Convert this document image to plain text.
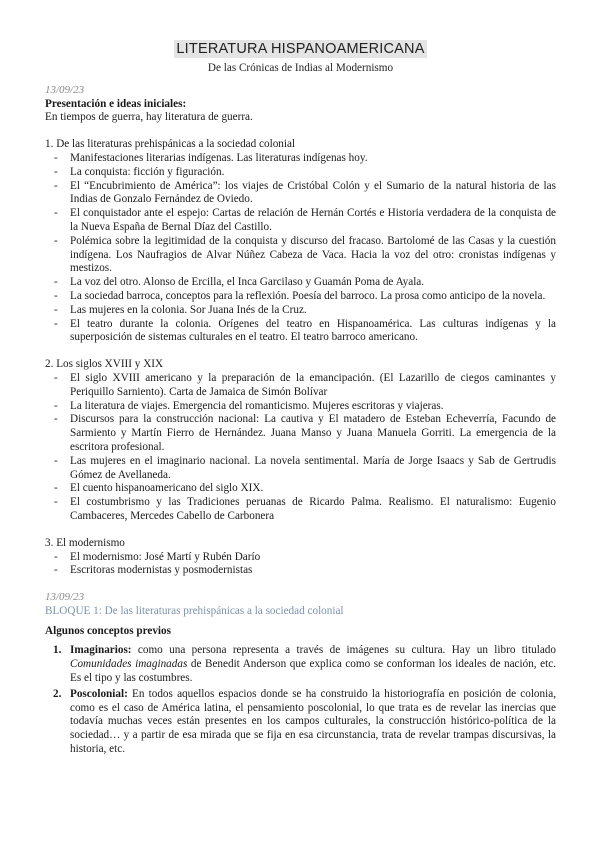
LITERATURA HISPANOAMERICANA
De las Crónicas de Indias al Modernismo
13/09/23

Presentación e ideas iniciales:

En tiempos de guerra, hay literatura de guerra.

1. De las literaturas prehispánicas a la sociedad colonial

- Manifestaciones literarias indígenas. Las literaturas indígenas hoy.
- La conquista: ficción y figuración.
- El “Encubrimiento de América”: los viajes de Cristóbal Colón y el Sumario de la natural historia de las Indias de Gonzalo Fernández de Oviedo.
- El conquistador ante el espejo: Cartas de relación de Hernán Cortés e Historia verdadera de la conquista de la Nueva España de Bernal Díaz del Castillo.
- Polémica sobre la legitimidad de la conquista y discurso del fracaso. Bartolomé de las Casas y la cuestión indígena. Los Naufragios de Alvar Núñez Cabeza de Vaca. Hacia la voz del otro: cronistas indígenas y mestizos.
- La voz del otro. Alonso de Ercilla, el Inca Garcilaso y Guamán Poma de Ayala.
- La sociedad barroca, conceptos para la reflexión. Poesía del barroco. La prosa como anticipo de la novela.
- Las mujeres en la colonia. Sor Juana Inés de la Cruz.
- El teatro durante la colonia. Orígenes del teatro en Hispanoamérica. Las culturas indígenas y la superposición de sistemas culturales en el teatro. El teatro barroco americano.

2. Los siglos XVIII y XIX

- El siglo XVIII americano y la preparación de la emancipación. (El Lazarillo de ciegos caminantes y Periquillo Sarniento). Carta de Jamaica de Simón Bolívar
- La literatura de viajes. Emergencia del romanticismo. Mujeres escritoras y viajeras.
- Discursos para la construcción nacional: La cautiva y El matadero de Esteban Echeverría, Facundo de Sarmiento y Martín Fierro de Hernández. Juana Manso y Juana Manuela Gorriti. La emergencia de la escritora profesional.
- Las mujeres en el imaginario nacional. La novela sentimental. María de Jorge Isaacs y Sab de Gertrudis Gómez de Avellaneda.
- El cuento hispanoamericano del siglo XIX.
- El costumbrismo y las Tradiciones peruanas de Ricardo Palma. Realismo. El naturalismo: Eugenio Cambaceres, Mercedes Cabello de Carbonera

3. El modernismo

- El modernismo: José Martí y Rubén Darío
- Escritoras modernistas y posmodernistas
13/09/23

BLOQUE 1: De las literaturas prehispánicas a la sociedad colonial

Algunos conceptos previos

1. Imaginarios: como una persona representa a través de imágenes su cultura. Hay un libro titulado Comunidades imaginadas de Benedit Anderson que explica como se conforman los ideales de nación, etc. Es el tipo y las costumbres.
2. Poscolonial: En todos aquellos espacios donde se ha construido la historiografía en posición de colonia, como es el caso de América latina, el pensamiento poscolonial, lo que trata es de revelar las inercias que todavía muchas veces están presentes en los campos culturales, la construcción histórico-política de la sociedad… y a partir de esa mirada que se fija en esa circunstancia, trata de revelar trampas discursivas, la historia, etc.
